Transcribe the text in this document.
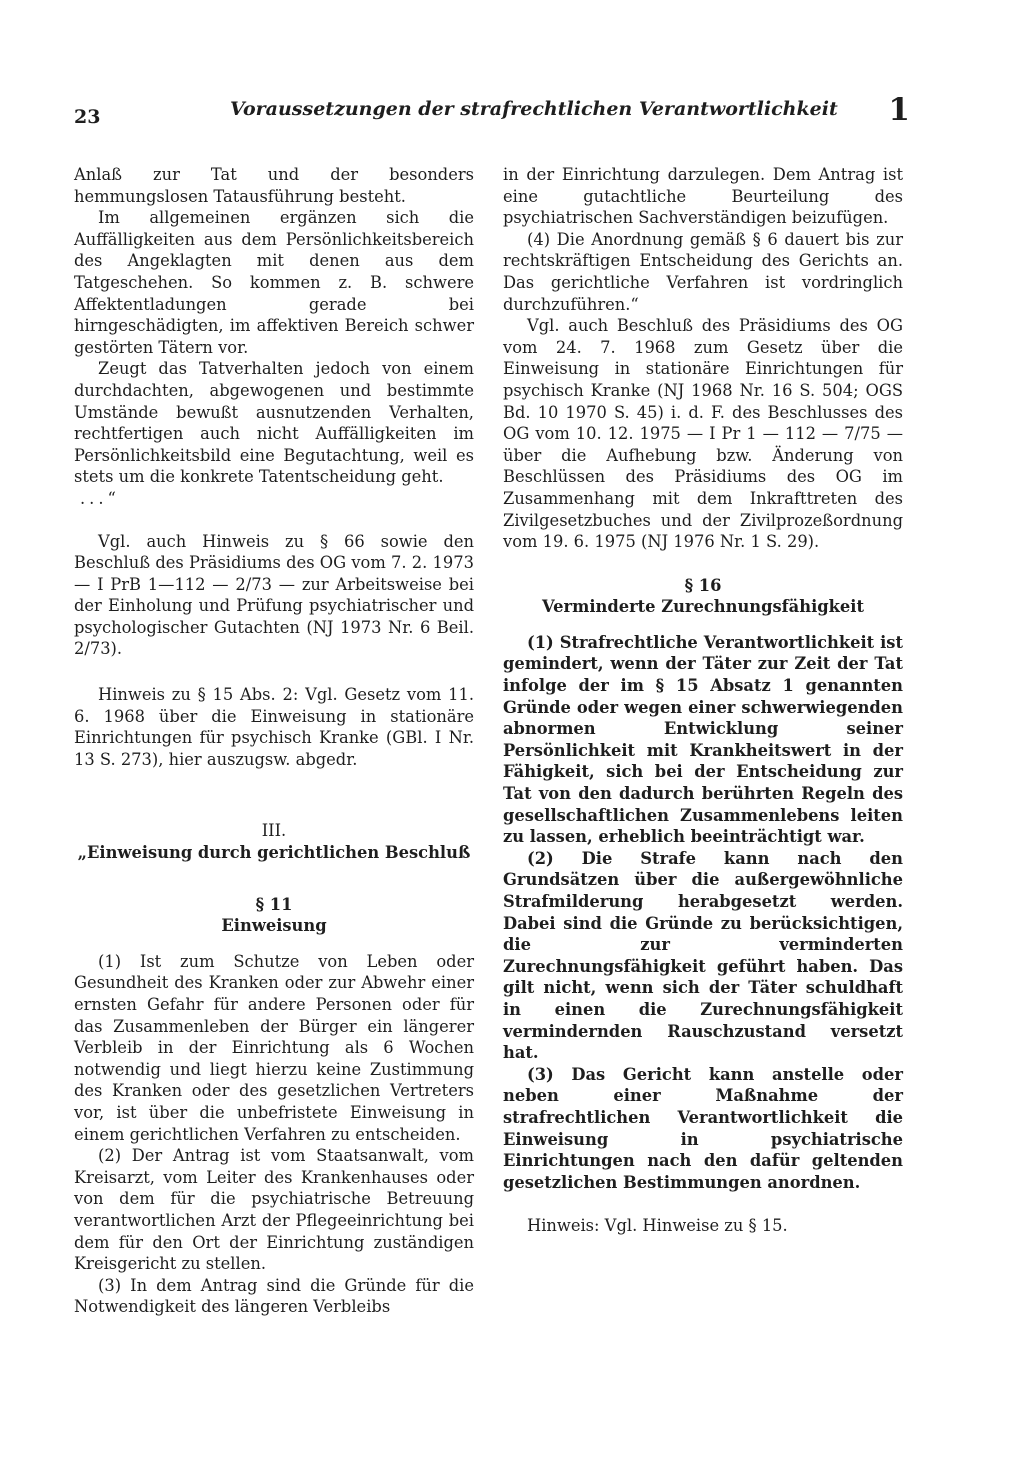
23	Voraussetzungen der strafrechtlichen Verantwortlichkeit 1

Anlaß zur Tat und der besonders hemmungslosen Tatausführung besteht.

Im allgemeinen ergänzen sich die Auffälligkeiten aus dem Persönlichkeitsbereich des Angeklagten mit denen aus dem Tatgeschehen. So kommen z. B. schwere Affektentladungen gerade bei hirngeschädigten, im affektiven Bereich schwer gestörten Tätern vor.

Zeugt das Tatverhalten jedoch von einem durchdachten, abgewogenen und bestimmte Umstände bewußt ausnutzenden Verhalten, rechtfertigen auch nicht Auffälligkeiten im Persönlichkeitsbild eine Begutachtung, weil es stets um die konkrete Tatentscheidung geht.

...“

Vgl. auch Hinweis zu § 66 sowie den Beschluß des Präsidiums des OG vom 7. 2. 1973 — I PrB 1—112 — 2/73 — zur Arbeitsweise bei der Einholung und Prüfung psychiatrischer und psychologischer Gutachten (NJ 1973 Nr. 6 Beil. 2/73).

Hinweis zu § 15 Abs. 2: Vgl. Gesetz vom 11. 6. 1968 über die Einweisung in stationäre Einrichtungen für psychisch Kranke (GBl. I Nr. 13 S. 273), hier auszugsw. abgedr.

III.

„Einweisung durch gerichtlichen Beschluß

§ 11

Einweisung

(1) Ist zum Schutze von Leben oder Gesundheit des Kranken oder zur Abwehr einer ernsten Gefahr für andere Personen oder für das Zusammenleben der Bürger ein längerer Verbleib in der Einrichtung als 6 Wochen notwendig und liegt hierzu keine Zustimmung des Kranken oder des gesetzlichen Vertreters vor, ist über die unbefristete Einweisung in einem gerichtlichen Verfahren zu entscheiden.

(2) Der Antrag ist vom Staatsanwalt, vom Kreisarzt, vom Leiter des Krankenhauses oder von dem für die psychiatrische Betreuung verantwortlichen Arzt der Pflegeeinrichtung bei dem für den Ort der Einrichtung zuständigen Kreisgericht zu stellen.

(3) In dem Antrag sind die Gründe für die Notwendigkeit des längeren Verbleibs

in der Einrichtung darzulegen. Dem Antrag ist eine gutachtliche Beurteilung des psychiatrischen Sachverständigen beizufügen.

(4) Die Anordnung gemäß § 6 dauert bis zur rechtskräftigen Entscheidung des Gerichts an. Das gerichtliche Verfahren ist vordringlich durchzuführen.“

Vgl. auch Beschluß des Präsidiums des OG vom 24. 7. 1968 zum Gesetz über die Einweisung in stationäre Einrichtungen für psychisch Kranke (NJ 1968 Nr. 16 S. 504; OGS Bd. 10 1970 S. 45) i. d. F. des Beschlusses des OG vom 10. 12. 1975 — I Pr 1 — 112 — 7/75 — über die Aufhebung bzw. Änderung von Beschlüssen des Präsidiums des OG im Zusammenhang mit dem Inkrafttreten des Zivilgesetzbuches und der Zivilprozeßordnung vom 19. 6. 1975 (NJ 1976 Nr. 1 S. 29).

§ 16

Verminderte Zurechnungsfähigkeit

(1) Strafrechtliche Verantwortlichkeit ist gemindert, wenn der Täter zur Zeit der Tat infolge der im § 15 Absatz 1 genannten Gründe oder wegen einer schwerwiegenden abnormen Entwicklung seiner Persönlichkeit mit Krankheitswert in der Fähigkeit, sich bei der Entscheidung zur Tat von den dadurch berührten Regeln des gesellschaftlichen Zusammenlebens leiten zu lassen, erheblich beeinträchtigt war.

(2) Die Strafe kann nach den Grundsätzen über die außergewöhnliche Strafmilderung herabgesetzt werden. Dabei sind die Gründe zu berücksichtigen, die zur verminderten Zurechnungsfähigkeit geführt haben. Das gilt nicht, wenn sich der Täter schuldhaft in einen die Zurechnungsfähigkeit vermindernden Rauschzustand versetzt hat.

(3) Das Gericht kann anstelle oder neben einer Maßnahme der strafrechtlichen Verantwortlichkeit die Einweisung in psychiatrische Einrichtungen nach den dafür geltenden gesetzlichen Bestimmungen anordnen.

Hinweis: Vgl. Hinweise zu § 15.
